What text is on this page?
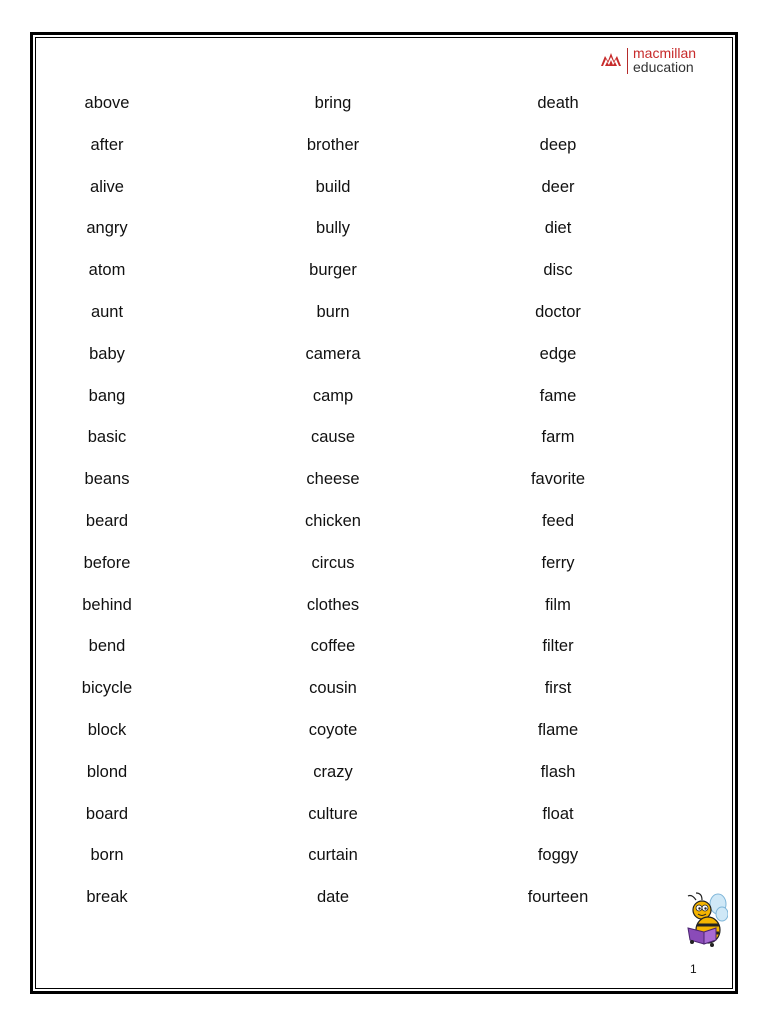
macmillan
education
above
after
alive
angry
atom
aunt
baby
bang
basic
beans
beard
before
behind
bend
bicycle
block
blond
board
born
break
bring
brother
build
bully
burger
burn
camera
camp
cause
cheese
chicken
circus
clothes
coffee
cousin
coyote
crazy
culture
curtain
date
death
deep
deer
diet
disc
doctor
edge
fame
farm
favorite
feed
ferry
film
filter
first
flame
flash
float
foggy
fourteen
1
